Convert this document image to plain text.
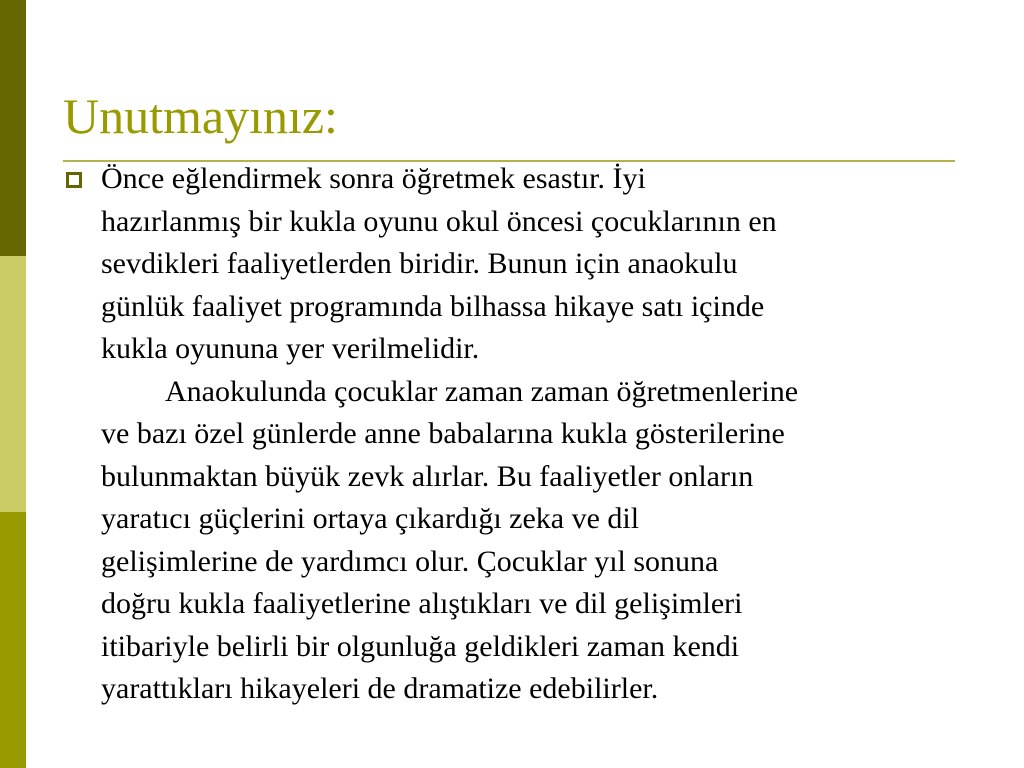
Unutmayınız:
Önce eğlendirmek sonra öğretmek esastır. İyi
hazırlanmış bir kukla oyunu okul öncesi çocuklarının en
sevdikleri faaliyetlerden biridir. Bunun için anaokulu
günlük faaliyet programında bilhassa hikaye satı içinde
kukla oyununa yer verilmelidir.
Anaokulunda çocuklar zaman zaman öğretmenlerine
ve bazı özel günlerde anne babalarına kukla gösterilerine
bulunmaktan büyük zevk alırlar. Bu faaliyetler onların
yaratıcı güçlerini ortaya çıkardığı zeka ve dil
gelişimlerine de yardımcı olur. Çocuklar yıl sonuna
doğru kukla faaliyetlerine alıştıkları ve dil gelişimleri
itibariyle belirli bir olgunluğa geldikleri zaman kendi
yarattıkları hikayeleri de dramatize edebilirler.
